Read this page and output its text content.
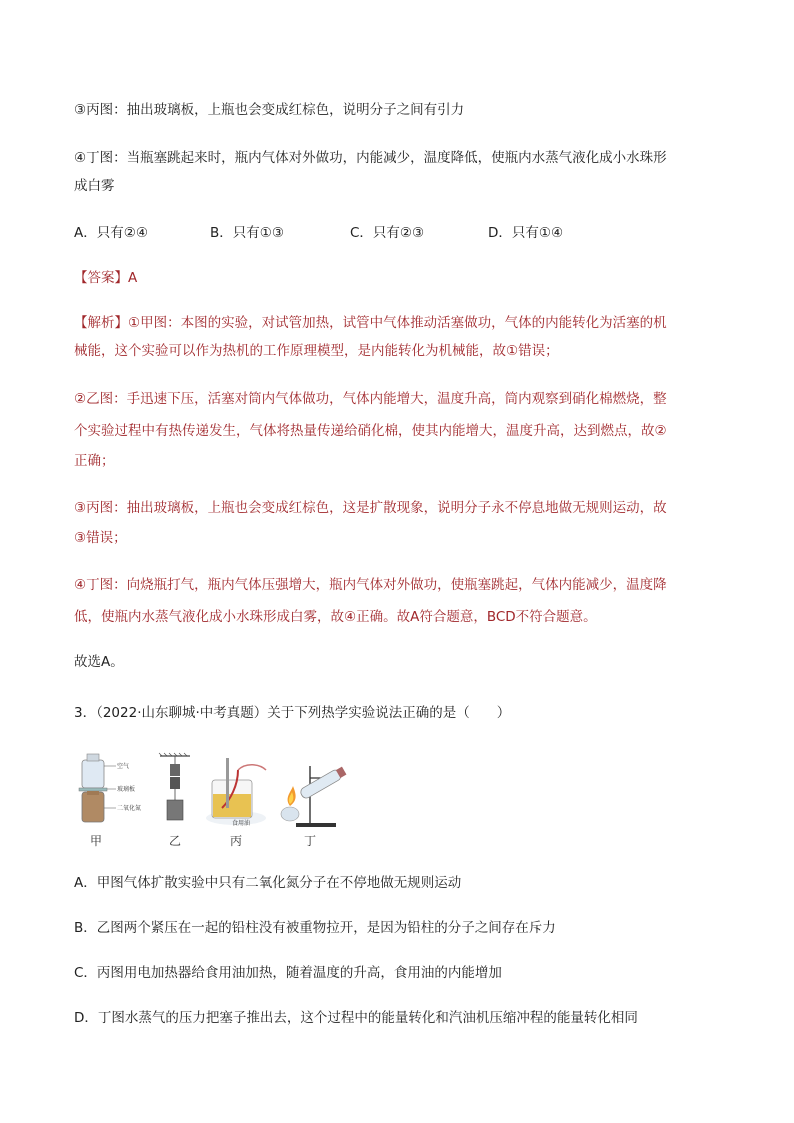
③丙图：抽出玻璃板，上瓶也会变成红棕色，说明分子之间有引力
④丁图：当瓶塞跳起来时，瓶内气体对外做功，内能减少，温度降低，使瓶内水蒸气液化成小水珠形
成白雾
A．只有②④	B．只有①③	C．只有②③	D．只有①④
【答案】A
【解析】①甲图：本图的实验，对试管加热，试管中气体推动活塞做功，气体的内能转化为活塞的机
械能，这个实验可以作为热机的工作原理模型，是内能转化为机械能，故①错误；
②乙图：手迅速下压，活塞对筒内气体做功，气体内能增大，温度升高，筒内观察到硝化棉燃烧，整
个实验过程中有热传递发生，气体将热量传递给硝化棉，使其内能增大，温度升高，达到燃点，故②
正确；
③丙图：抽出玻璃板，上瓶也会变成红棕色，这是扩散现象，说明分子永不停息地做无规则运动，故
③错误；
④丁图：向烧瓶打气，瓶内气体压强增大，瓶内气体对外做功，使瓶塞跳起，气体内能减少，温度降
低，使瓶内水蒸气液化成小水珠形成白雾，故④正确。故A符合题意，BCD不符合题意。
故选A。
3．（2022·山东聊城·中考真题）关于下列热学实验说法正确的是（　　）
空气
玻璃板
二氧化氮
甲	乙
食用油
丙	丁
A．甲图气体扩散实验中只有二氧化氮分子在不停地做无规则运动
B．乙图两个紧压在一起的铅柱没有被重物拉开，是因为铅柱的分子之间存在斥力
C．丙图用电加热器给食用油加热，随着温度的升高，食用油的内能增加
D．丁图水蒸气的压力把塞子推出去，这个过程中的能量转化和汽油机压缩冲程的能量转化相同
